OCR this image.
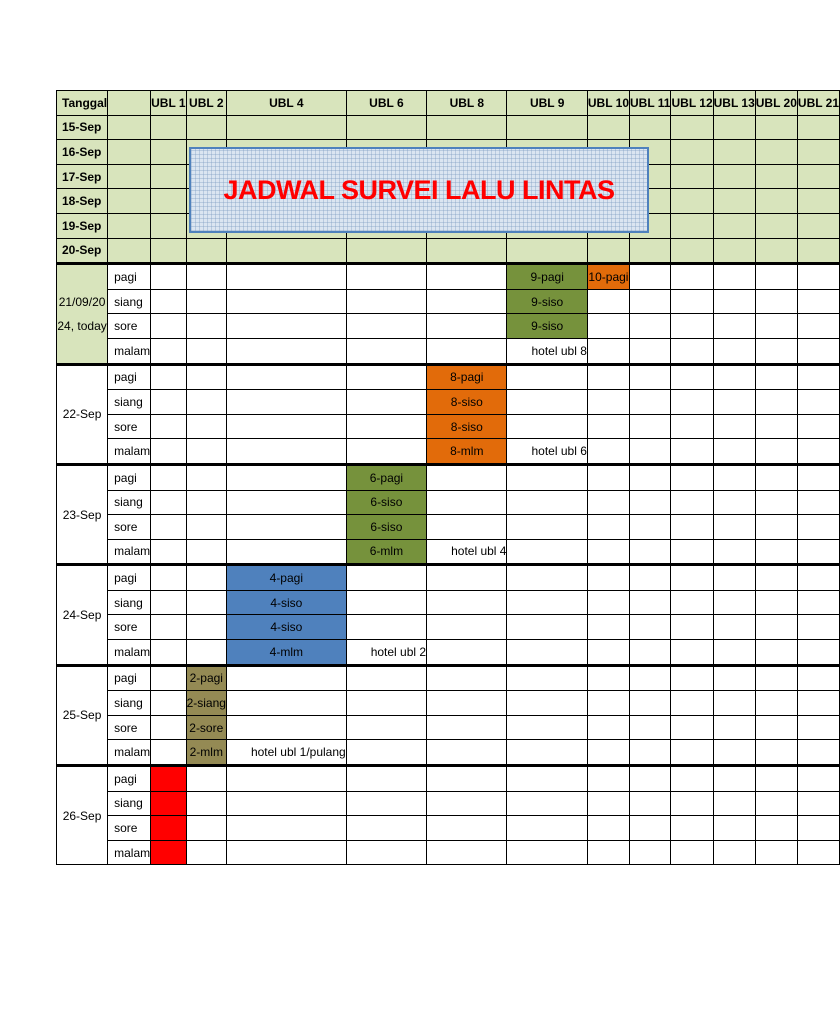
Tanggal		UBL 1	UBL 2	UBL 4	UBL 6	UBL 8	UBL 9	UBL 10	UBL 11	UBL 12	UBL 13	UBL 20	UBL 21
15-Sep													
16-Sep													
17-Sep													
18-Sep													
19-Sep													
20-Sep													

21/09/20
24, today	pagi						9-pagi	10-pagi					
	siang						9-siso						
	sore						9-siso						
	malam						hotel ubl 8						
22-Sep	pagi					8-pagi							
	siang					8-siso							
	sore					8-siso							
	malam					8-mlm	hotel ubl 6						
23-Sep	pagi				6-pagi								
	siang				6-siso								
	sore				6-siso								
	malam				6-mlm	hotel ubl 4							
24-Sep	pagi			4-pagi									
	siang			4-siso									
	sore			4-siso									
	malam			4-mlm	hotel ubl 2								
25-Sep	pagi		2-pagi										
	siang		2-siang										
	sore		2-sore										
	malam		2-mlm	hotel ubl 1/pulang									
26-Sep	pagi												
	siang												
	sore												
	malam												
JADWAL SURVEI LALU LINTAS
